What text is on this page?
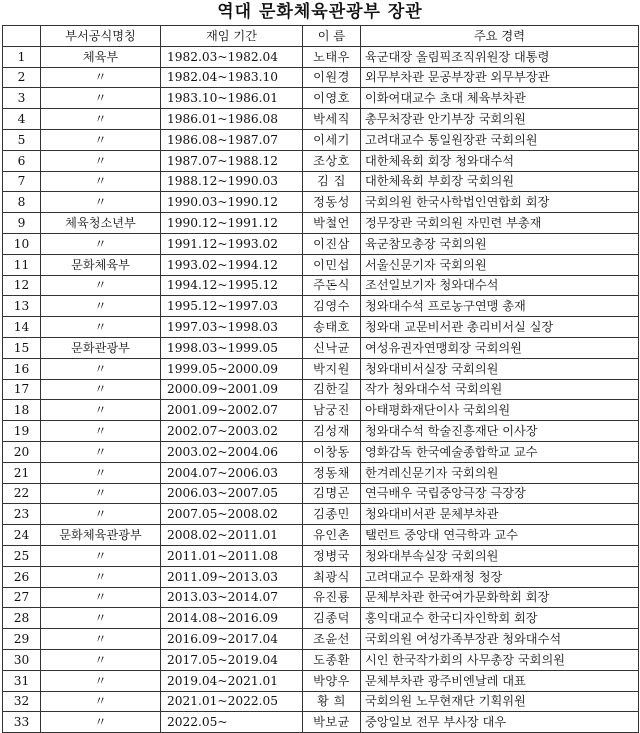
역대 문화체육관광부 장관
	부서공식명칭	재임 기간	이 름	주요 경력
1	체육부	1982.03~1982.04	노태우	육군대장 올림픽조직위원장 대통령
2	〃	1982.04~1983.10	이원경	외무부차관 문공부장관 외무부장관
3	〃	1983.10~1986.01	이영호	이화여대교수 초대 체육부차관
4	〃	1986.01~1986.08	박세직	총무처장관 안기부장 국회의원
5	〃	1986.08~1987.07	이세기	고려대교수 통일원장관 국회의원
6	〃	1987.07~1988.12	조상호	대한체육회 회장 청와대수석
7	〃	1988.12~1990.03	김 집	대한체육회 부회장 국회의원
8	〃	1990.03~1990.12	정동성	국회의원 한국사학법인연합회 회장
9	체육청소년부	1990.12~1991.12	박철언	정무장관 국회의원 자민련 부총재
10	〃	1991.12~1993.02	이진삼	육군참모총장 국회의원
11	문화체육부	1993.02~1994.12	이민섭	서울신문기자 국회의원
12	〃	1994.12~1995.12	주돈식	조선일보기자 청와대수석
13	〃	1995.12~1997.03	김영수	청와대수석 프로농구연맹 총재
14	〃	1997.03~1998.03	송태호	청와대 교문비서관 총리비서실 실장
15	문화관광부	1998.03~1999.05	신낙균	여성유권자연맹회장 국회의원
16	〃	1999.05~2000.09	박지원	청와대비서실장 국회의원
17	〃	2000.09~2001.09	김한길	작가 청와대수석 국회의원
18	〃	2001.09~2002.07	남궁진	아태평화재단이사 국회의원
19	〃	2002.07~2003.02	김성재	청와대수석 학술진흥재단 이사장
20	〃	2003.02~2004.06	이창동	영화감독 한국예술종합학교 교수
21	〃	2004.07~2006.03	정동채	한겨레신문기자 국회의원
22	〃	2006.03~2007.05	김명곤	연극배우 국립중앙극장 극장장
23	〃	2007.05~2008.02	김종민	청와대비서관 문체부차관
24	문화체육관광부	2008.02~2011.01	유인촌	탤런트 중앙대 연극학과 교수
25	〃	2011.01~2011.08	정병국	청와대부속실장 국회의원
26	〃	2011.09~2013.03	최광식	고려대교수 문화재청 청장
27	〃	2013.03~2014.07	유진룡	문체부차관 한국여가문화학회 회장
28	〃	2014.08~2016.09	김종덕	홍익대교수 한국디자인학회 회장
29	〃	2016.09~2017.04	조윤선	국회의원 여성가족부장관 청와대수석
30	〃	2017.05~2019.04	도종환	시인 한국작가회의 사무총장 국회의원
31	〃	2019.04~2021.01	박양우	문체부차관 광주비엔날레 대표
32	〃	2021.01~2022.05	황 희	국회의원 노무현재단 기획위원
33	〃	2022.05~	박보균	중앙일보 전무 부사장 대우
